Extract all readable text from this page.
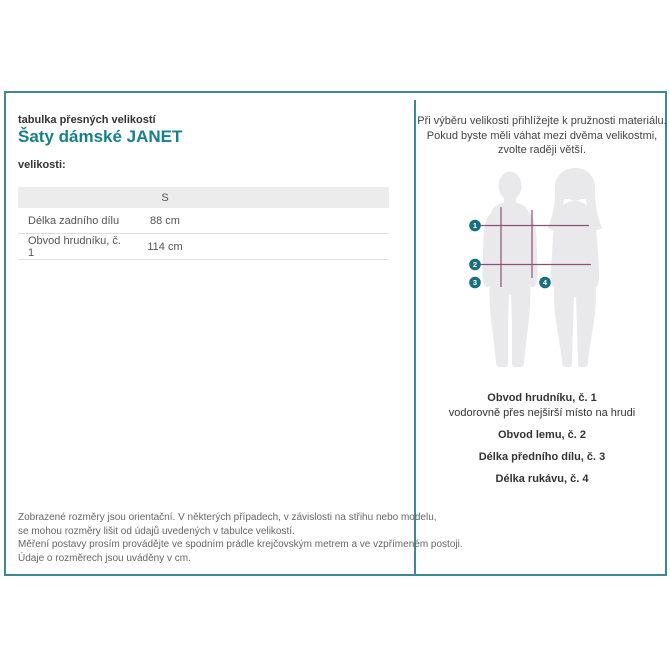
tabulka přesných velikostí
Šaty dámské JANET
velikosti:
S
Délka zadního dílu	88 cm
Obvod hrudníku, č. 1	114 cm
Zobrazené rozměry jsou orientační. V některých případech, v závislosti na střihu nebo modelu,
se mohou rozměry lišit od údajů uvedených v tabulce velikostí.
Měření postavy prosím provádějte ve spodním prádle krejčovským metrem a ve vzpřímeném postoji.
Údaje o rozměrech jsou uváděny v cm.
Při výběru velikosti přihlížejte k pružnosti materiálu.
Pokud byste měli váhat mezi dvěma velikostmi,
zvolte raději větší.
1
2
3	4
Obvod hrudníku, č. 1
vodorovně přes nejširší místo na hrudi
Obvod lemu, č. 2
Délka předního dílu, č. 3
Délka rukávu, č. 4
